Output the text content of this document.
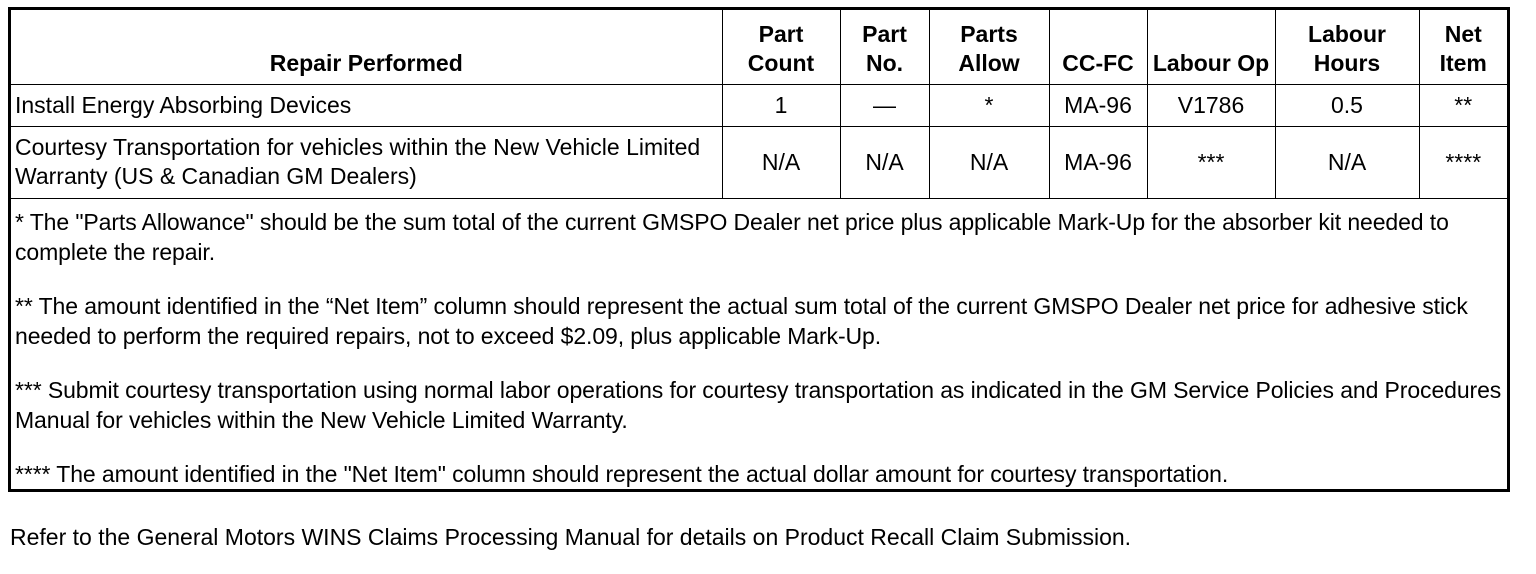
Repair Performed	Part Count	Part No.	Parts Allow	CC-FC	Labour Op	Labour Hours	Net Item
Install Energy Absorbing Devices	1	—	*	MA-96	V1786	0.5	**
Courtesy Transportation for vehicles within the New Vehicle Limited Warranty (US & Canadian GM Dealers)	N/A	N/A	N/A	MA-96	***	N/A	****

* The "Parts Allowance" should be the sum total of the current GMSPO Dealer net price plus applicable Mark-Up for the absorber kit needed to complete the repair.

** The amount identified in the “Net Item” column should represent the actual sum total of the current GMSPO Dealer net price for adhesive stick needed to perform the required repairs, not to exceed $2.09, plus applicable Mark-Up.

*** Submit courtesy transportation using normal labor operations for courtesy transportation as indicated in the GM Service Policies and Procedures Manual for vehicles within the New Vehicle Limited Warranty.

**** The amount identified in the "Net Item" column should represent the actual dollar amount for courtesy transportation.							

Refer to the General Motors WINS Claims Processing Manual for details on Product Recall Claim Submission.
